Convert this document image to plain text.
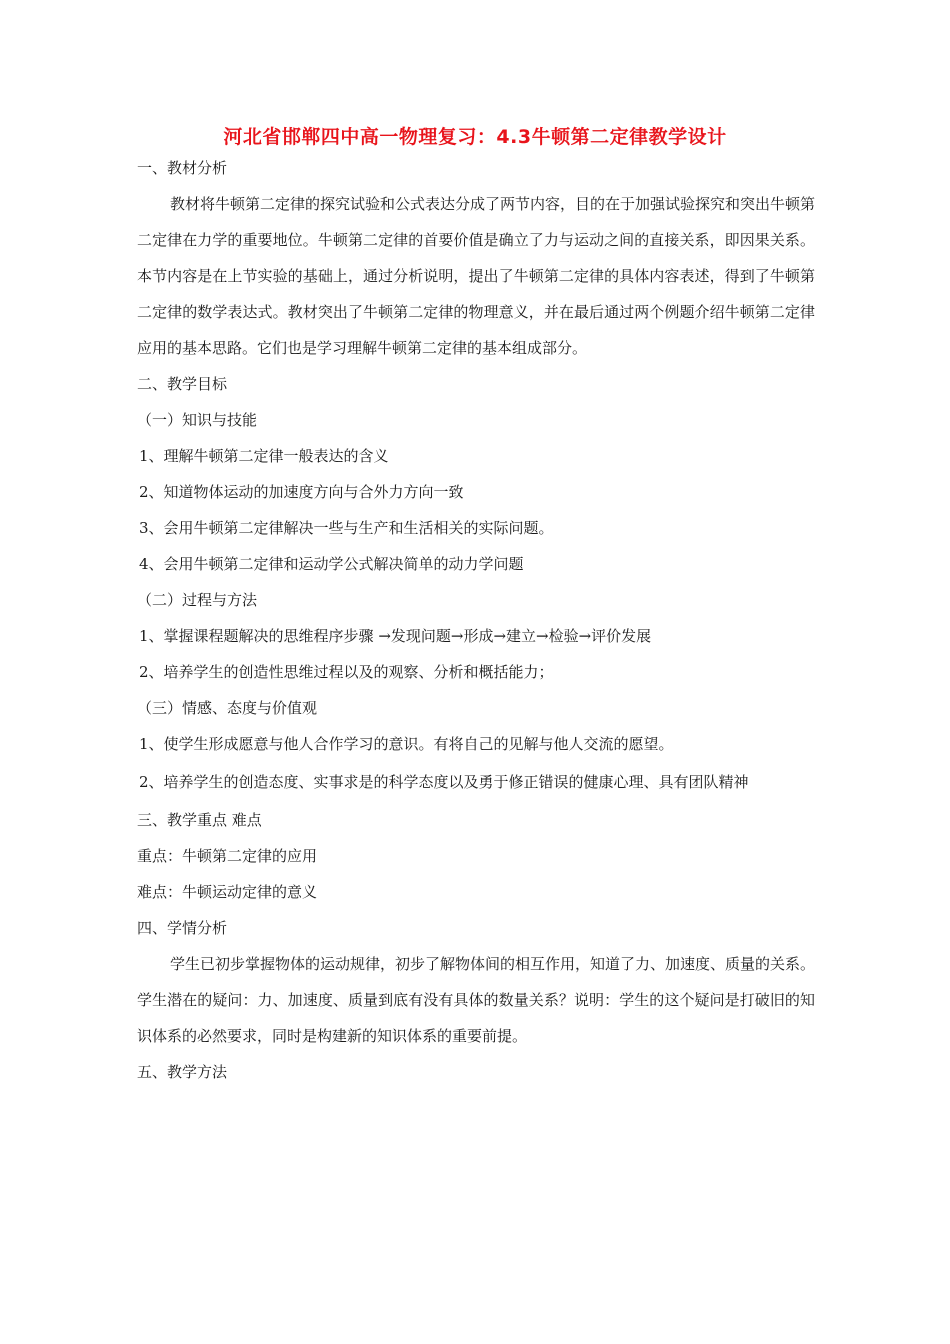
河北省邯郸四中高一物理复习：4.3牛顿第二定律教学设计

一、教材分析

教材将牛顿第二定律的探究试验和公式表达分成了两节内容，目的在于加强试验探究和突出牛顿第二定律在力学的重要地位。牛顿第二定律的首要价值是确立了力与运动之间的直接关系，即因果关系。本节内容是在上节实验的基础上，通过分析说明，提出了牛顿第二定律的具体内容表述，得到了牛顿第二定律的数学表达式。教材突出了牛顿第二定律的物理意义，并在最后通过两个例题介绍牛顿第二定律应用的基本思路。它们也是学习理解牛顿第二定律的基本组成部分。

二、教学目标

（一）知识与技能

1、理解牛顿第二定律一般表达的含义

2、知道物体运动的加速度方向与合外力方向一致

3、会用牛顿第二定律解决一些与生产和生活相关的实际问题。

4、会用牛顿第二定律和运动学公式解决简单的动力学问题

（二）过程与方法

1、掌握课程题解决的思维程序步骤 →发现问题→形成→建立→检验→评价发展

2、培养学生的创造性思维过程以及的观察、分析和概括能力；

（三）情感、态度与价值观

1、使学生形成愿意与他人合作学习的意识。有将自己的见解与他人交流的愿望。

2、培养学生的创造态度、实事求是的科学态度以及勇于修正错误的健康心理、具有团队精神

三、教学重点 难点

重点：牛顿第二定律的应用

难点：牛顿运动定律的意义

四、学情分析

学生已初步掌握物体的运动规律，初步了解物体间的相互作用，知道了力、加速度、质量的关系。学生潜在的疑问：力、加速度、质量到底有没有具体的数量关系？说明：学生的这个疑问是打破旧的知识体系的必然要求，同时是构建新的知识体系的重要前提。

五、教学方法
